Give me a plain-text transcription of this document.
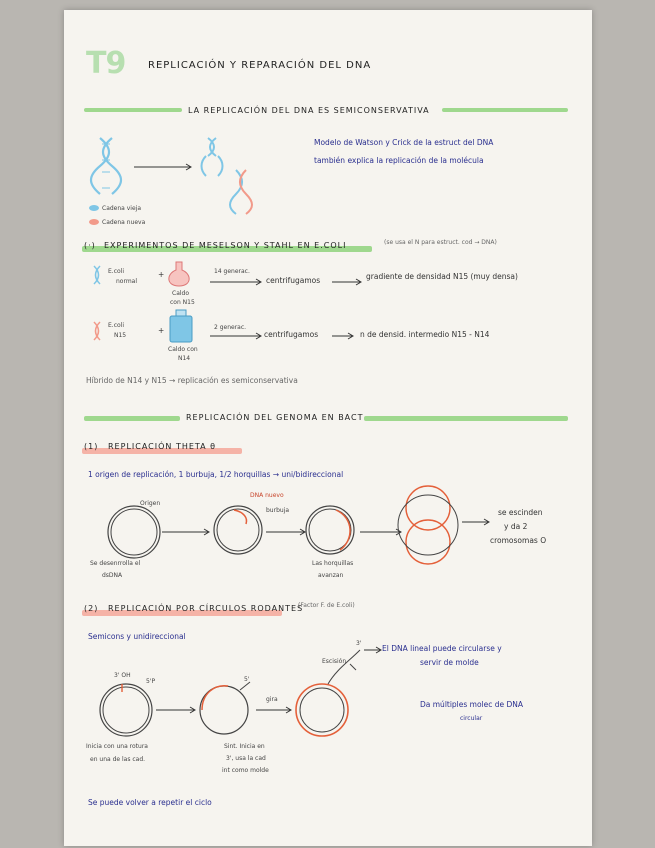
T9 REPLICACIÓN Y REPARACIÓN DEL DNA
LA REPLICACIÓN DEL DNA ES SEMICONSERVATIVA
Modelo de Watson y Crick de la estruct del DNA
también explica la replicación de la molécula
Cadena vieja
Cadena nueva
(·) EXPERIMENTOS DE MESELSON Y STAHL EN E.COLI	(se usa el N para estruct. cod → DNA)
E.coli
normal
+
Caldo
con N15
14 generac.
centrifugamos	gradiente de densidad N15 (muy densa)
E.coli
N15
+
Caldo con
N14
2 generac.
centrifugamos	n de densid. intermedio N15 - N14
Híbrido de N14 y N15 → replicación es semiconservativa
REPLICACIÓN DEL GENOMA EN BACT
(1) REPLICACIÓN THETA θ
1 origen de replicación, 1 burbuja, 1/2 horquillas → uni/bidireccional
Origen
DNA nuevo
burbuja
Se desenrrolla el
dsDNA
Las horquillas
avanzan
se escinden
y da 2
cromosomas O
(2) REPLICACIÓN POR CÍRCULOS RODANTES
(Factor F. de E.coli)
Semicons y unidireccional
3' OH
5'P	5'
3'
Escisión
gira
El DNA lineal puede circularse y
servir de molde
Da múltiples molec de DNA
circular
Inicia con una rotura
en una de las cad.
Sint. Inicia en
3', usa la cad
int como molde
Se puede volver a repetir el ciclo
